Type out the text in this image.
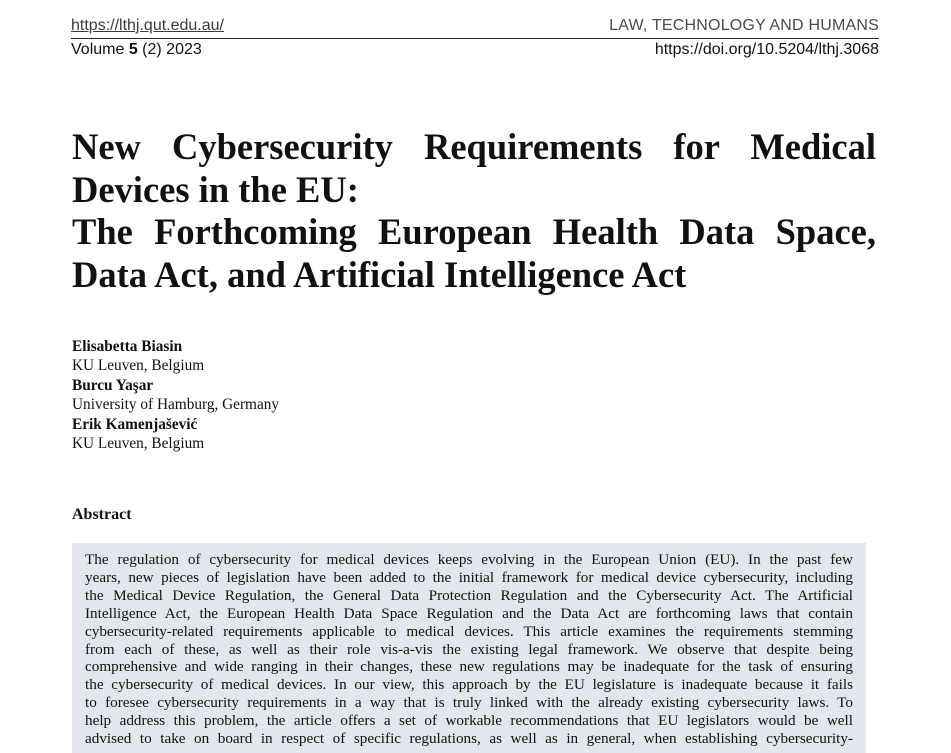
https://lthj.qut.edu.au/	LAW, TECHNOLOGY AND HUMANS
Volume 5 (2) 2023	https://doi.org/10.5204/lthj.3068
New Cybersecurity Requirements for Medical
Devices in the EU:
The Forthcoming European Health Data Space,
Data Act, and Artificial Intelligence Act
Elisabetta Biasin
KU Leuven, Belgium
Burcu Yaşar
University of Hamburg, Germany
Erik Kamenjašević
KU Leuven, Belgium
Abstract
The regulation of cybersecurity for medical devices keeps evolving in the European Union (EU). In the past few
years, new pieces of legislation have been added to the initial framework for medical device cybersecurity, including
the Medical Device Regulation, the General Data Protection Regulation and the Cybersecurity Act. The Artificial
Intelligence Act, the European Health Data Space Regulation and the Data Act are forthcoming laws that contain
cybersecurity-related requirements applicable to medical devices. This article examines the requirements stemming
from each of these, as well as their role vis-a-vis the existing legal framework. We observe that despite being
comprehensive and wide ranging in their changes, these new regulations may be inadequate for the task of ensuring
the cybersecurity of medical devices. In our view, this approach by the EU legislature is inadequate because it fails
to foresee cybersecurity requirements in a way that is truly linked with the already existing cybersecurity laws. To
help address this problem, the article offers a set of workable recommendations that EU legislators would be well
advised to take on board in respect of specific regulations, as well as in general, when establishing cybersecurity-
